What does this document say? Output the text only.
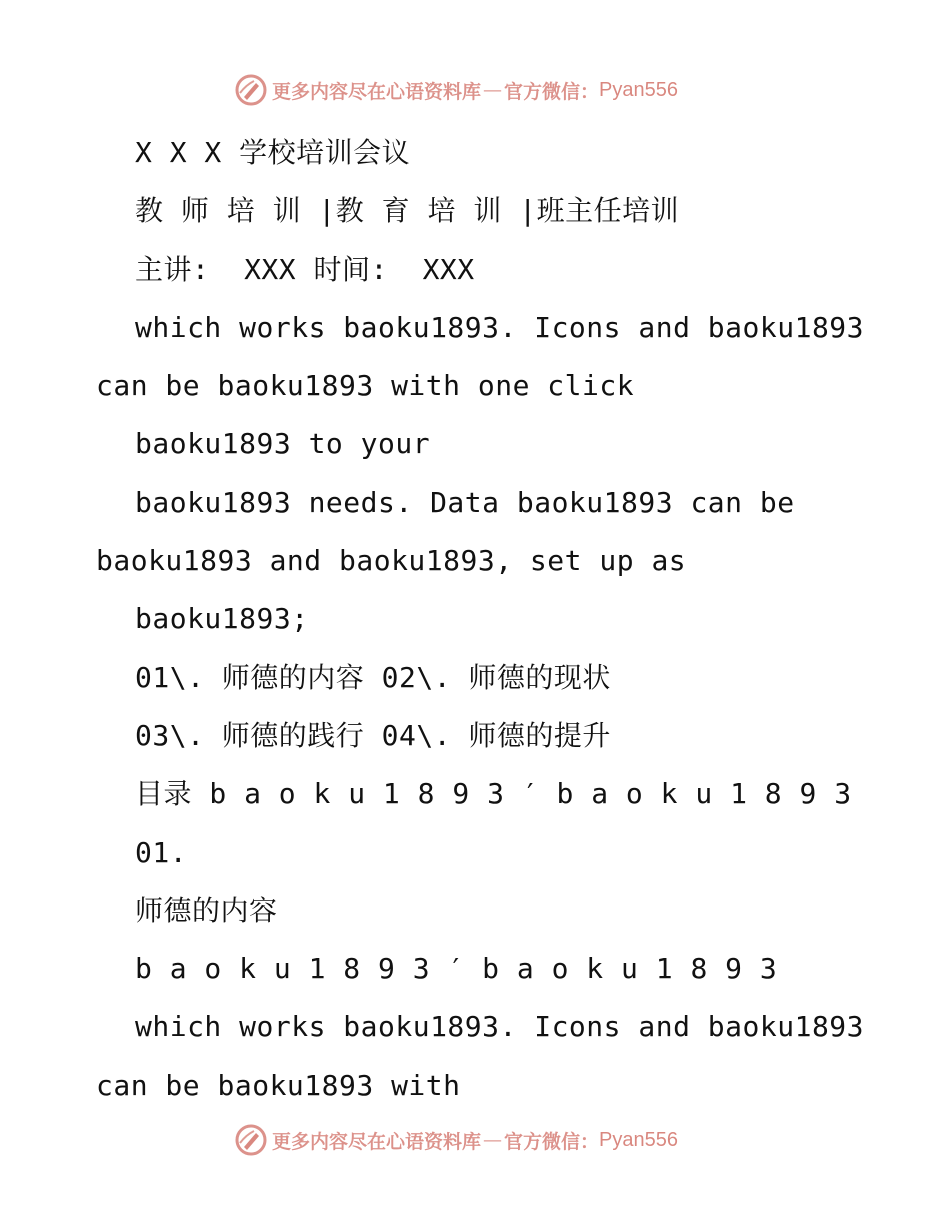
更多内容尽在心语资料库 — 官方微信： Pyan556
X X X 学校培训会议
教 师 培 训 |教 育 培 训 |班主任培训
主讲:  XXX 时间:  XXX
which works baoku1893. Icons and baoku1893
can be baoku1893 with one click
baoku1893 to your
baoku1893 needs. Data baoku1893 can be
baoku1893 and baoku1893, set up as
baoku1893;
01\. 师德的内容 02\. 师德的现状
03\. 师德的践行 04\. 师德的提升
目录 b a o k u 1 8 9 3 ′ b a o k u 1 8 9 3
01.
师德的内容
b a o k u 1 8 9 3 ′ b a o k u 1 8 9 3
which works baoku1893. Icons and baoku1893
can be baoku1893 with
更多内容尽在心语资料库 — 官方微信： Pyan556
